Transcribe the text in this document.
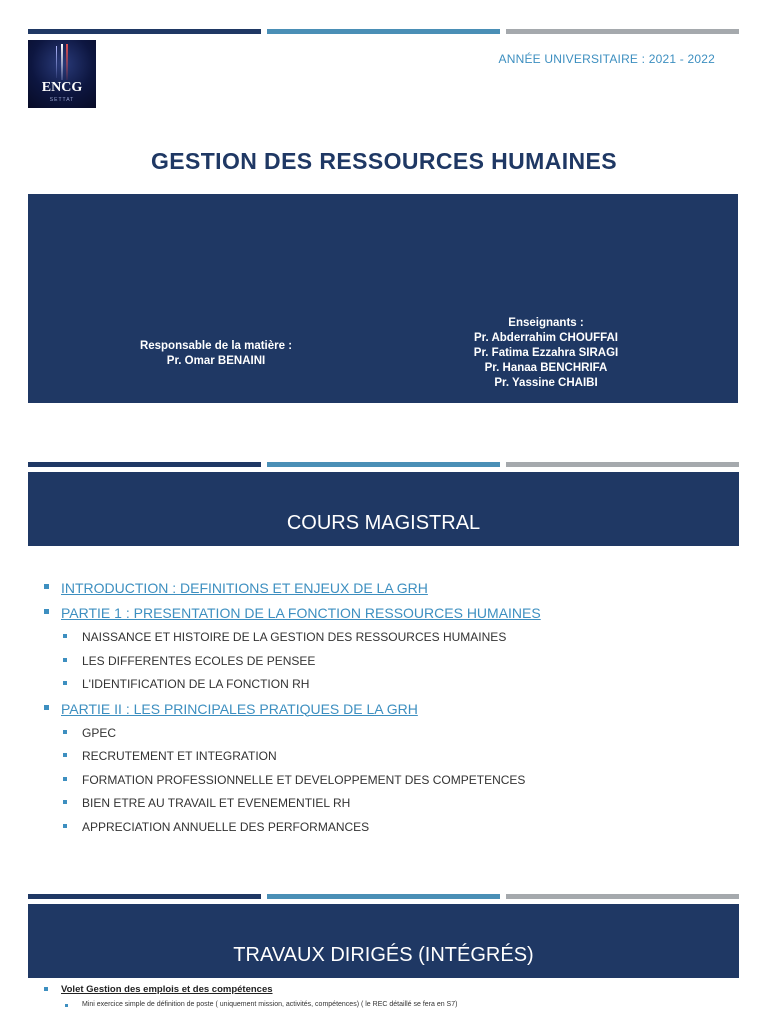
ENCG
SETTAT
ANNÉE UNIVERSITAIRE : 2021 - 2022
GESTION DES RESSOURCES HUMAINES
Responsable de la matière :
Pr. Omar BENAINI
Enseignants :
Pr. Abderrahim CHOUFFAI
Pr. Fatima Ezzahra SIRAGI
Pr. Hanaa BENCHRIFA
Pr. Yassine CHAIBI
COURS MAGISTRAL
INTRODUCTION : DEFINITIONS ET ENJEUX DE LA GRH
PARTIE 1 : PRESENTATION DE LA FONCTION RESSOURCES HUMAINES
NAISSANCE ET HISTOIRE DE LA GESTION DES RESSOURCES HUMAINES
LES DIFFERENTES ECOLES DE PENSEE
L'IDENTIFICATION DE LA FONCTION RH
PARTIE II : LES PRINCIPALES PRATIQUES DE LA GRH
GPEC
RECRUTEMENT ET INTEGRATION
FORMATION PROFESSIONNELLE ET DEVELOPPEMENT DES COMPETENCES
BIEN ETRE AU TRAVAIL ET EVENEMENTIEL RH
APPRECIATION ANNUELLE DES PERFORMANCES
TRAVAUX DIRIGÉS (INTÉGRÉS)
Volet Gestion des emplois et des compétences
Mini exercice simple de définition de poste ( uniquement mission, activités, compétences) ( le REC détaillé se fera en S7)
